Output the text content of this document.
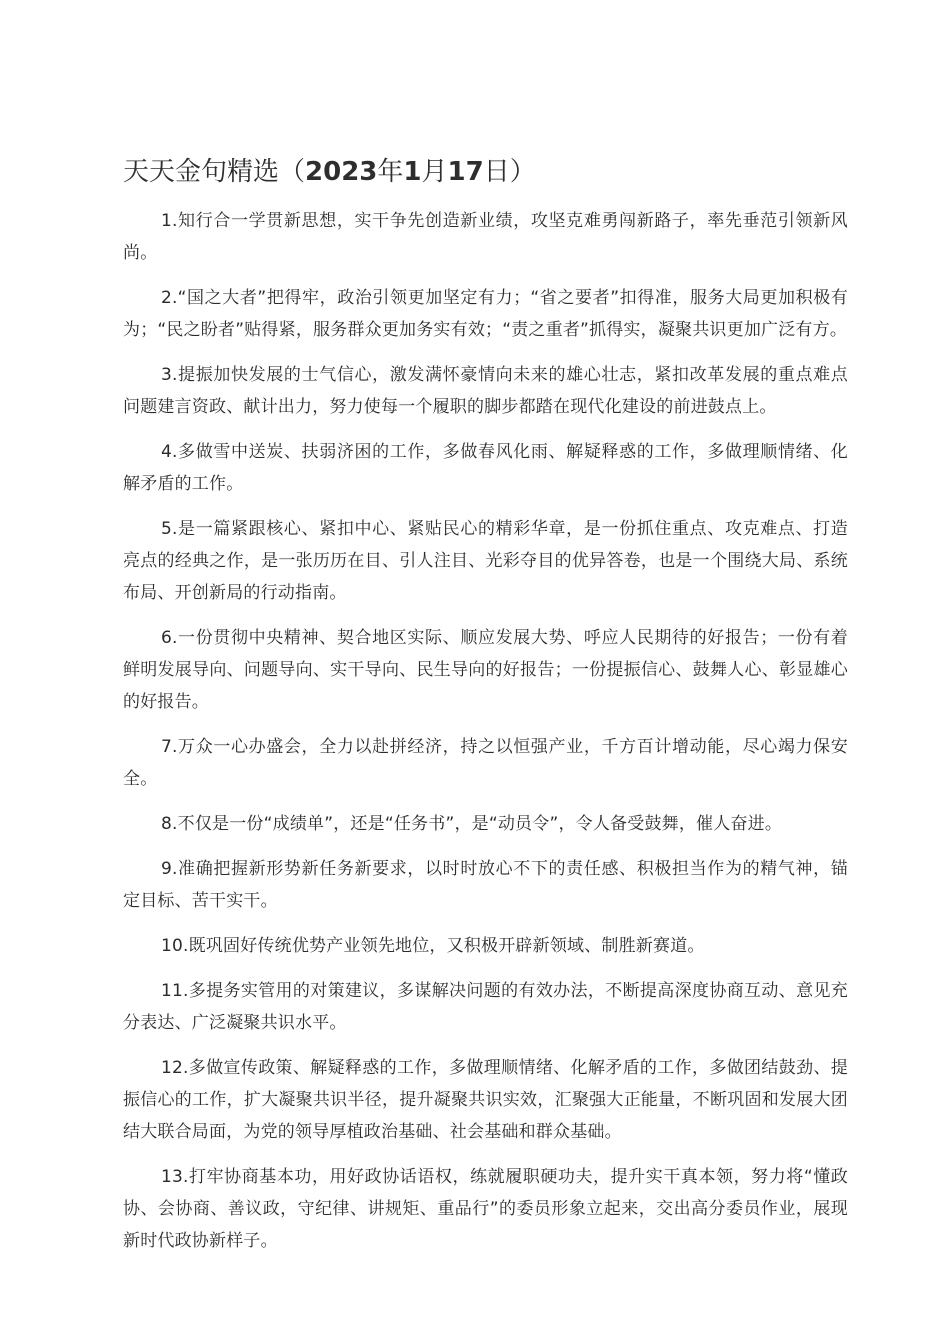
天天金句精选（2023年1月17日）

1.知行合一学贯新思想，实干争先创造新业绩，攻坚克难勇闯新路子，率先垂范引领新风尚。

2.“国之大者”把得牢，政治引领更加坚定有力；“省之要者”扣得准，服务大局更加积极有为；“民之盼者”贴得紧，服务群众更加务实有效；“责之重者”抓得实，凝聚共识更加广泛有方。

3.提振加快发展的士气信心，激发满怀豪情向未来的雄心壮志，紧扣改革发展的重点难点问题建言资政、献计出力，努力使每一个履职的脚步都踏在现代化建设的前进鼓点上。

4.多做雪中送炭、扶弱济困的工作，多做春风化雨、解疑释惑的工作，多做理顺情绪、化解矛盾的工作。

5.是一篇紧跟核心、紧扣中心、紧贴民心的精彩华章，是一份抓住重点、攻克难点、打造亮点的经典之作，是一张历历在目、引人注目、光彩夺目的优异答卷，也是一个围绕大局、系统布局、开创新局的行动指南。

6.一份贯彻中央精神、契合地区实际、顺应发展大势、呼应人民期待的好报告；一份有着鲜明发展导向、问题导向、实干导向、民生导向的好报告；一份提振信心、鼓舞人心、彰显雄心的好报告。

7.万众一心办盛会，全力以赴拼经济，持之以恒强产业，千方百计增动能，尽心竭力保安全。

8.不仅是一份“成绩单”，还是“任务书”，是“动员令”，令人备受鼓舞，催人奋进。

9.准确把握新形势新任务新要求，以时时放心不下的责任感、积极担当作为的精气神，锚定目标、苦干实干。

10.既巩固好传统优势产业领先地位，又积极开辟新领域、制胜新赛道。

11.多提务实管用的对策建议，多谋解决问题的有效办法，不断提高深度协商互动、意见充分表达、广泛凝聚共识水平。

12.多做宣传政策、解疑释惑的工作，多做理顺情绪、化解矛盾的工作，多做团结鼓劲、提振信心的工作，扩大凝聚共识半径，提升凝聚共识实效，汇聚强大正能量，不断巩固和发展大团结大联合局面，为党的领导厚植政治基础、社会基础和群众基础。

13.打牢协商基本功，用好政协话语权，练就履职硬功夫，提升实干真本领，努力将“懂政协、会协商、善议政，守纪律、讲规矩、重品行”的委员形象立起来，交出高分委员作业，展现新时代政协新样子。
